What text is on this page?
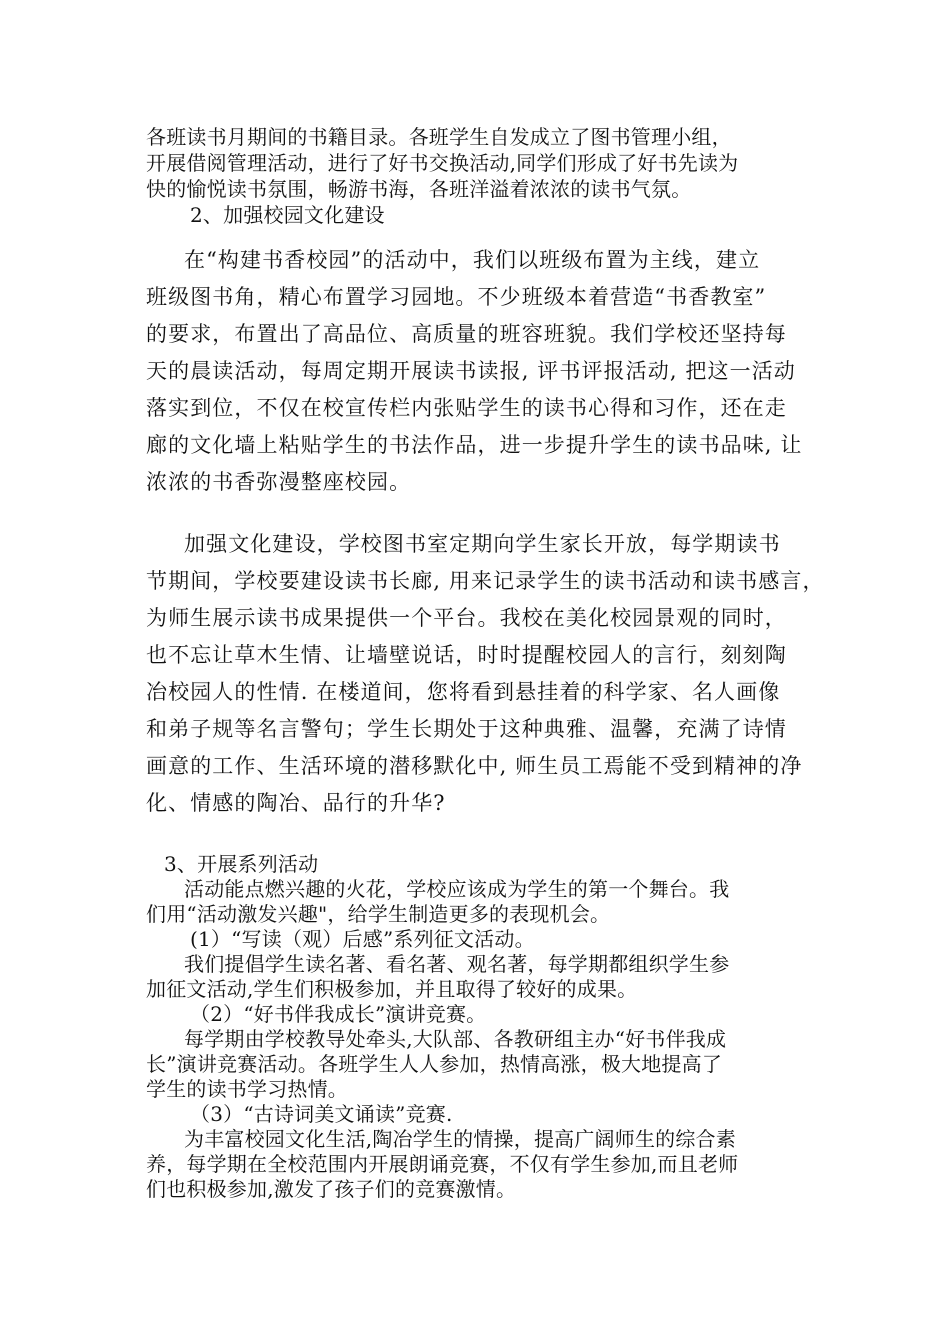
各班读书月期间的书籍目录。各班学生自发成立了图书管理小组，
开展借阅管理活动，进行了好书交换活动,同学们形成了好书先读为
快的愉悦读书氛围，畅游书海，各班洋溢着浓浓的读书气氛。
2、加强校园文化建设
在“构建书香校园”的活动中，我们以班级布置为主线，建立
班级图书角，精心布置学习园地。不少班级本着营造“书香教室”
的要求，布置出了高品位、高质量的班容班貌。我们学校还坚持每
天的晨读活动，每周定期开展读书读报, 评书评报活动, 把这一活动
落实到位，不仅在校宣传栏内张贴学生的读书心得和习作，还在走
廊的文化墙上粘贴学生的书法作品，进一步提升学生的读书品味, 让
浓浓的书香弥漫整座校园。
加强文化建设，学校图书室定期向学生家长开放，每学期读书
节期间，学校要建设读书长廊, 用来记录学生的读书活动和读书感言，
为师生展示读书成果提供一个平台。我校在美化校园景观的同时，
也不忘让草木生情、让墙壁说话，时时提醒校园人的言行，刻刻陶
冶校园人的性情. 在楼道间，您将看到悬挂着的科学家、名人画像
和弟子规等名言警句；学生长期处于这种典雅、温馨，充满了诗情
画意的工作、生活环境的潜移默化中, 师生员工焉能不受到精神的净
化、情感的陶冶、品行的升华?
3、开展系列活动
活动能点燃兴趣的火花，学校应该成为学生的第一个舞台。我
们用“活动激发兴趣"，给学生制造更多的表现机会。
(1）“写读（观）后感”系列征文活动。
我们提倡学生读名著、看名著、观名著，每学期都组织学生参
加征文活动,学生们积极参加，并且取得了较好的成果。
（2）“好书伴我成长”演讲竞赛。
每学期由学校教导处牵头,大队部、各教研组主办“好书伴我成
长”演讲竞赛活动。各班学生人人参加，热情高涨，极大地提高了
学生的读书学习热情。
（3）“古诗词美文诵读”竞赛.
为丰富校园文化生活,陶冶学生的情操，提高广阔师生的综合素
养，每学期在全校范围内开展朗诵竞赛，不仅有学生参加,而且老师
们也积极参加,激发了孩子们的竞赛激情。
